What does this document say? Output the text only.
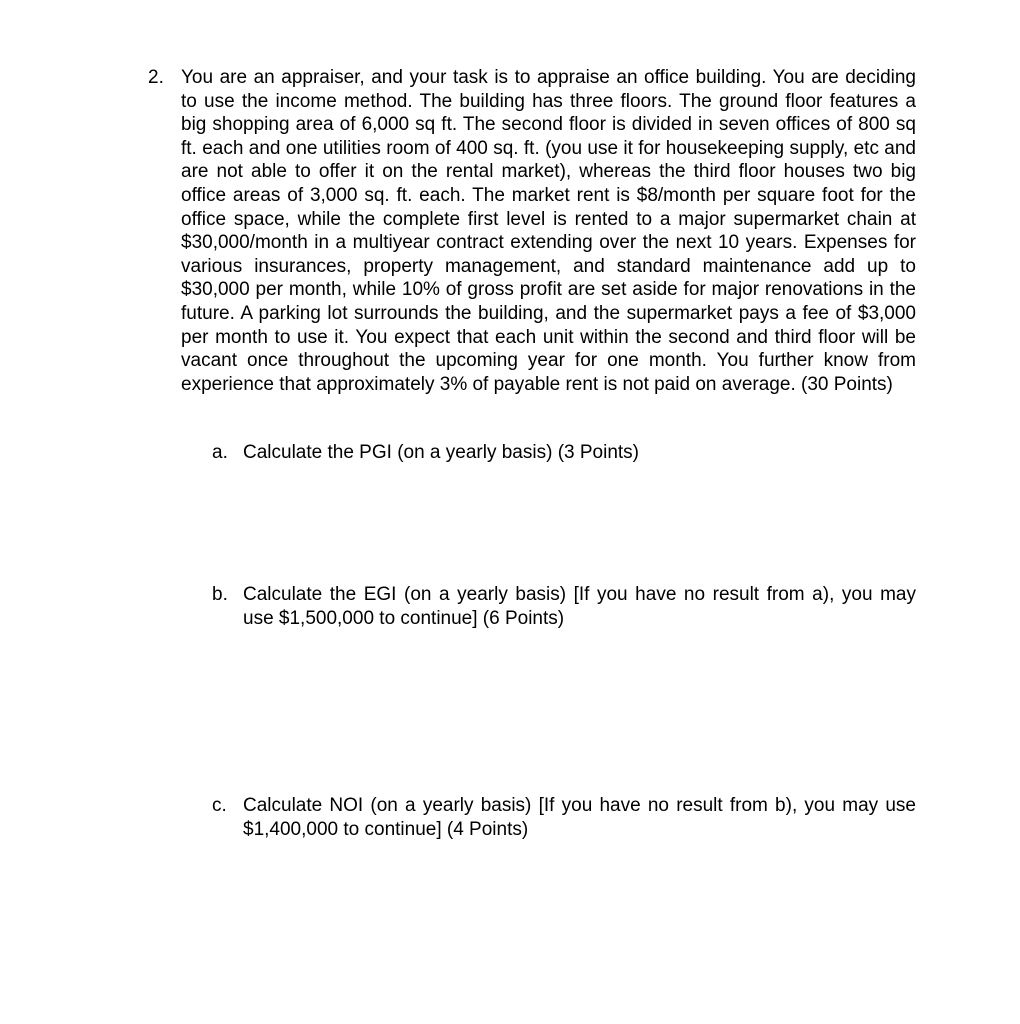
2. You are an appraiser, and your task is to appraise an office building. You are deciding to use the income method. The building has three floors. The ground floor features a big shopping area of 6,000 sq ft. The second floor is divided in seven offices of 800 sq ft. each and one utilities room of 400 sq. ft. (you use it for housekeeping supply, etc and are not able to offer it on the rental market), whereas the third floor houses two big office areas of 3,000 sq. ft. each. The market rent is $8/month per square foot for the office space, while the complete first level is rented to a major supermarket chain at $30,000/month in a multiyear contract extending over the next 10 years. Expenses for various insurances, property management, and standard maintenance add up to $30,000 per month, while 10% of gross profit are set aside for major renovations in the future. A parking lot surrounds the building, and the supermarket pays a fee of $3,000 per month to use it. You expect that each unit within the second and third floor will be vacant once throughout the upcoming year for one month. You further know from experience that approximately 3% of payable rent is not paid on average. (30 Points)
a. Calculate the PGI (on a yearly basis) (3 Points)
b. Calculate the EGI (on a yearly basis) [If you have no result from a), you may use $1,500,000 to continue] (6 Points)
c. Calculate NOI (on a yearly basis) [If you have no result from b), you may use $1,400,000 to continue] (4 Points)
